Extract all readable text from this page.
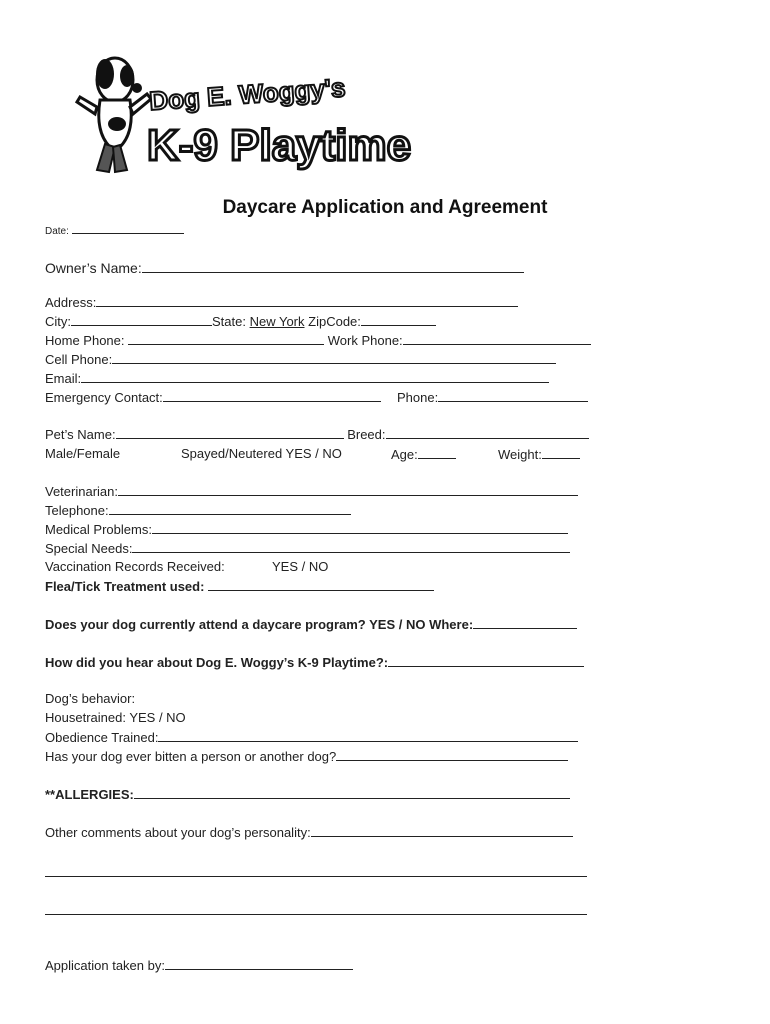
Dog E. Woggy's
K-9 Playtime
Daycare Application and Agreement
Date:
Owner’s Name:
Address:
City:	State: New York ZipCode:
Home Phone:	Work Phone:
Cell Phone:
Email:
Emergency Contact:	Phone:
Pet’s Name:	Breed:
Male/Female	Spayed/Neutered YES / NO	Age:	Weight:
Veterinarian:
Telephone:
Medical Problems:
Special Needs:
Vaccination Records Received:	YES / NO
Flea/Tick Treatment used:
Does your dog currently attend a daycare program? YES / NO Where:
How did you hear about Dog E. Woggy’s K-9 Playtime?:
Dog’s behavior:
Housetrained: YES / NO
Obedience Trained:
Has your dog ever bitten a person or another dog?
**ALLERGIES:
Other comments about your dog’s personality:
Application taken by:
